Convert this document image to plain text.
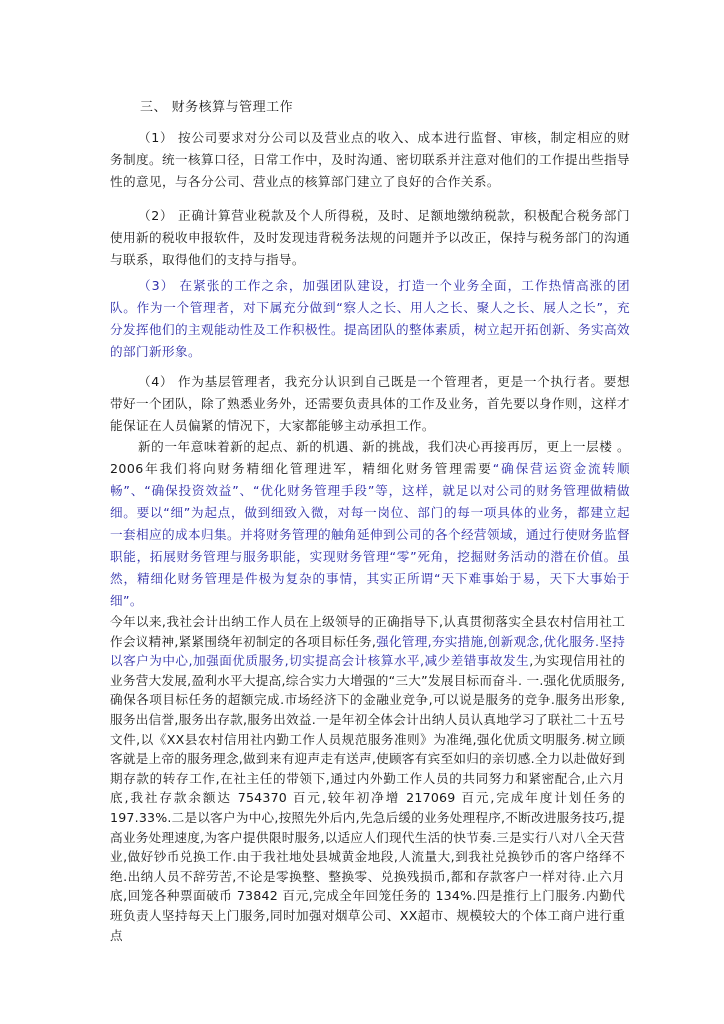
三、 财务核算与管理工作

（1） 按公司要求对分公司以及营业点的收入、成本进行监督、审核，制定相应的财务制度。统一核算口径，日常工作中，及时沟通、密切联系并注意对他们的工作提出些指导性的意见，与各分公司、营业点的核算部门建立了良好的合作关系。

（2） 正确计算营业税款及个人所得税，及时、足额地缴纳税款，积极配合税务部门使用新的税收申报软件，及时发现违背税务法规的问题并予以改正，保持与税务部门的沟通与联系，取得他们的支持与指导。

（3） 在紧张的工作之余，加强团队建设，打造一个业务全面，工作热情高涨的团队。作为一个管理者，对下属充分做到“察人之长、用人之长、聚人之长、展人之长”，充分发挥他们的主观能动性及工作积极性。提高团队的整体素质，树立起开拓创新、务实高效的部门新形象。

（4） 作为基层管理者，我充分认识到自己既是一个管理者，更是一个执行者。要想带好一个团队，除了熟悉业务外，还需要负责具体的工作及业务，首先要以身作则，这样才能保证在人员偏紧的情况下，大家都能够主动承担工作。

新的一年意味着新的起点、新的机遇、新的挑战，我们决心再接再厉，更上一层楼 。2006年我们将向财务精细化管理进军，精细化财务管理需要“确保营运资金流转顺畅”、“确保投资效益”、“优化财务管理手段”等，这样，就足以对公司的财务管理做精做细。要以“细”为起点，做到细致入微，对每一岗位、部门的每一项具体的业务，都建立起一套相应的成本归集。并将财务管理的触角延伸到公司的各个经营领域，通过行使财务监督职能，拓展财务管理与服务职能，实现财务管理“零”死角，挖掘财务活动的潜在价值。虽然，精细化财务管理是件极为复杂的事情，其实正所谓“天下难事始于易，天下大事始于细”。

今年以来,我社会计出纳工作人员在上级领导的正确指导下,认真贯彻落实全县农村信用社工作会议精神,紧紧围绕年初制定的各项目标任务,强化管理,夯实措施,创新观念,优化服务.坚持以客户为中心,加强面优质服务,切实提高会计核算水平,减少差错事故发生,为实现信用社的业务营大发展,盈利水平大提高,综合实力大增强的“三大”发展目标而奋斗. 一.强化优质服务,确保各项目标任务的超额完成.市场经济下的金融业竞争,可以说是服务的竞争.服务出形象,服务出信誉,服务出存款,服务出效益.一是年初全体会计出纳人员认真地学习了联社二十五号文件,以《XX县农村信用社内勤工作人员规范服务准则》为准绳,强化优质文明服务.树立顾客就是上帝的服务理念,做到来有迎声走有送声,使顾客有宾至如归的亲切感.全力以赴做好到期存款的转存工作,在社主任的带领下,通过内外勤工作人员的共同努力和紧密配合,止六月底,我社存款余额达 754370 百元,较年初净增 217069 百元,完成年度计划任务的 197.33%.二是以客户为中心,按照先外后内,先急后缓的业务处理程序,不断改进服务技巧,提高业务处理速度,为客户提供限时服务,以适应人们现代生活的快节奏.三是实行八对八全天营业,做好钞币兑换工作.由于我社地处县城黄金地段,人流量大,到我社兑换钞币的客户络绎不绝.出纳人员不辞劳苦,不论是零换整、整换零、兑换残损币,都和存款客户一样对待.止六月底,回笼各种票面破币 73842 百元,完成全年回笼任务的 134%.四是推行上门服务.内勤代班负责人坚持每天上门服务,同时加强对烟草公司、XX超市、规模较大的个体工商户进行重点
